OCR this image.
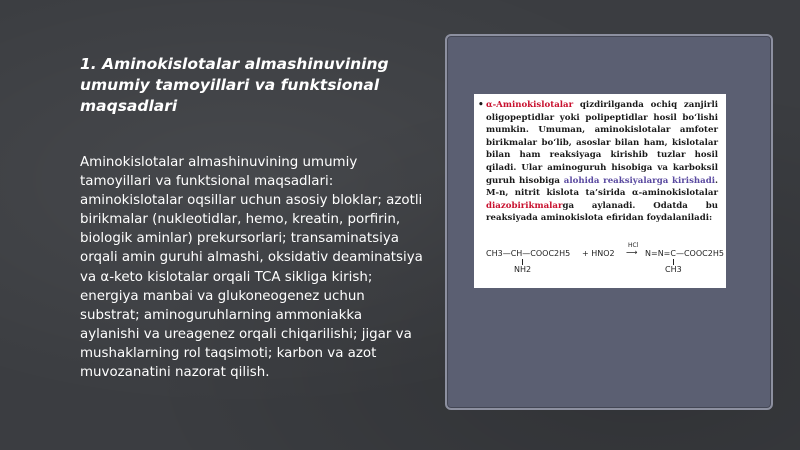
1. Aminokislotalar almashinuvining umumiy tamoyillari va funktsional maqsadlari
Aminokislotalar almashinuvining umumiy tamoyillari va funktsional maqsadlari: aminokislotalar oqsillar uchun asosiy bloklar; azotli birikmalar (nukleotidlar, hemo, kreatin, porfirin, biologik aminlar) prekursorlari; transaminatsiya orqali amin guruhi almashi, oksidativ deaminatsiya va α-keto kislotalar orqali TCA sikliga kirish; energiya manbai va glukoneogenez uchun substrat; aminoguruhlarning ammoniakka aylanishi va ureagenez orqali chiqarilishi; jigar va mushaklarning rol taqsimoti; karbon va azot muvozanatini nazorat qilish.
• α-Aminokislotalar qizdirilganda ochiq zanjirli oligopeptidlar yoki polipeptidlar hosil bo‘lishi mumkin. Umuman, aminokislotalar amfoter birikmalar bo‘lib, asoslar bilan ham, kislotalar bilan ham reaksiyaga kirishib tuzlar hosil qiladi. Ular aminoguruh hisobiga va karboksil guruh hisobiga alohida reaksiyalarga kirishadi. M-n, nitrit kislota ta’sirida α-aminokislotalar diazobirikmalarga aylanadi. Odatda bu reaksiyada aminokislota efiridan foydalaniladi:
CH3—CH—COOC2H5
NH2
+ HNO2
HCl
⟶ N=N=C—COOC2H5
CH3
